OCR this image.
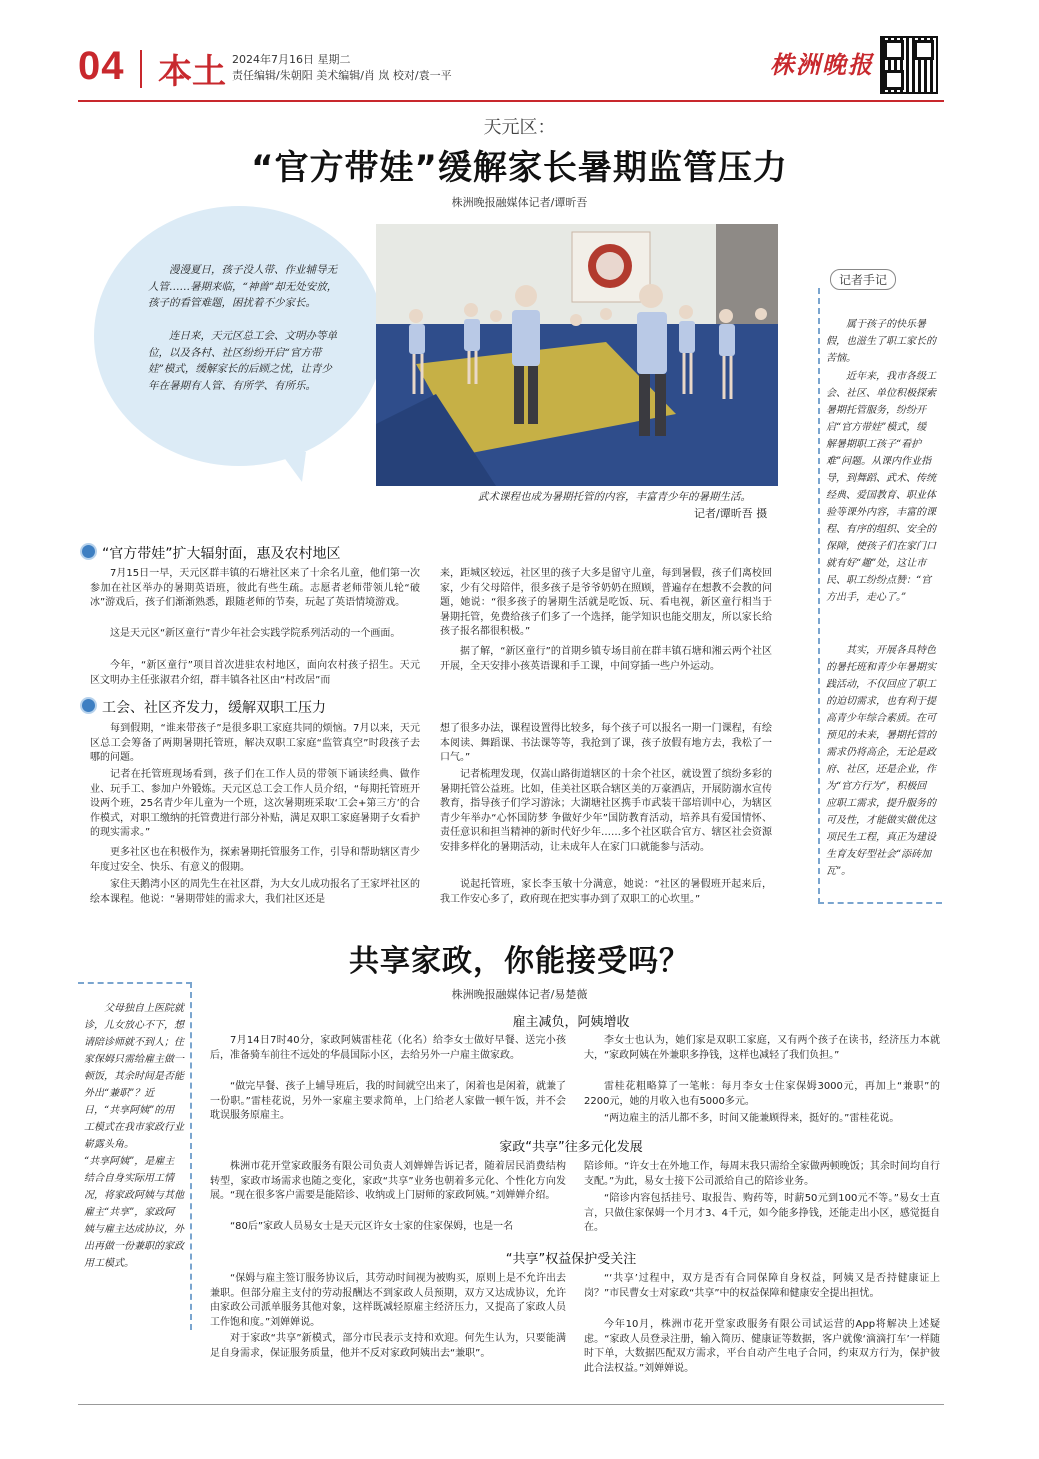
04 本土 2024年7月16日 星期二
责任编辑/朱朝阳 美术编辑/肖 岚 校对/袁一平	株洲晚报
天元区：
“官方带娃”缓解家长暑期监管压力
株洲晚报融媒体记者/谭昕吾
漫漫夏日，孩子没人带、作业辅导无人管……暑期来临，“神兽”却无处安放，孩子的看管难题，困扰着不少家长。
连日来，天元区总工会、文明办等单位，以及各村、社区纷纷开启“官方带娃”模式，缓解家长的后顾之忧，让青少年在暑期有人管、有所学、有所乐。
武术课程也成为暑期托管的内容，丰富青少年的暑期生活。
记者/谭昕吾 摄
记者手记
属于孩子的快乐暑假，也滋生了职工家长的苦恼。
近年来，我市各级工会、社区、单位积极探索暑期托管服务，纷纷开启“官方带娃”模式，缓解暑期职工孩子“看护难”问题。从课内作业指导，到舞蹈、武术、传统经典、爱国教育、职业体验等课外内容，丰富的课程、有序的组织、安全的保障，使孩子们在家门口就有好“趣”处，这让市民、职工纷纷点赞：“官方出手，走心了。”
其实，开展各具特色的暑托班和青少年暑期实践活动，不仅回应了职工的迫切需求，也有利于提高青少年综合素质。在可预见的未来，暑期托管的需求仍将高企，无论是政府、社区，还是企业，作为“官方行为”，积极回应职工需求，提升服务的可及性，才能做实做优这项民生工程，真正为建设生育友好型社会“添砖加瓦”。
“官方带娃”扩大辐射面，惠及农村地区
7月15日一早，天元区群丰镇的石塘社区来了十余名儿童，他们第一次参加在社区举办的暑期英语班，彼此有些生疏。志愿者老师带领儿轮“破冰”游戏后，孩子们渐渐熟悉，跟随老师的节奏，玩起了英语情境游戏。
这是天元区“新区童行”青少年社会实践学院系列活动的一个画面。
今年，“新区童行”项目首次进驻农村地区，面向农村孩子招生。天元区文明办主任张淑君介绍，群丰镇各社区由“村改居”而
来，距城区较远，社区里的孩子大多是留守儿童，每到暑假，孩子们离校回家，少有父母陪伴，很多孩子是爷爷奶奶在照顾，普遍存在想教不会教的问题，她说：“很多孩子的暑期生活就是吃饭、玩、看电视，新区童行相当于暑期托管，免费给孩子们多了一个选择，能学知识也能交朋友，所以家长给孩子报名都很积极。”
据了解，“新区童行”的首期乡镇专场目前在群丰镇石塘和湘云两个社区开展，全天安排小孩英语课和手工课，中间穿插一些户外运动。
工会、社区齐发力，缓解双职工压力
每到假期，“谁来带孩子”是很多职工家庭共同的烦恼。7月以来，天元区总工会筹备了两期暑期托管班，解决双职工家庭“监管真空”时段孩子去哪的问题。
记者在托管班现场看到，孩子们在工作人员的带领下诵读经典、做作业、玩手工、参加户外锻炼。天元区总工会工作人员介绍，“每期托管班开设两个班，25名青少年儿童为一个班，这次暑期班采取‘工会+第三方’的合作模式，对职工缴纳的托管费进行部分补贴，满足双职工家庭暑期子女看护的现实需求。”
更多社区也在积极作为，探索暑期托管服务工作，引导和帮助辖区青少年度过安全、快乐、有意义的假期。
家住天鹅湾小区的周先生在社区群，为大女儿成功报名了王家坪社区的绘本课程。他说：“暑期带娃的需求大，我们社区还是
想了很多办法，课程设置得比较多，每个孩子可以报名一期一门课程，有绘本阅读、舞蹈课、书法课等等，我抢到了课，孩子放假有地方去，我松了一口气。”
记者梳理发现，仅嵩山路街道辖区的十余个社区，就设置了缤纷多彩的暑期托管公益班。比如，佳美社区联合辖区美的万豪酒店，开展防溺水宣传教育，指导孩子们学习游泳；大湖塘社区携手市武装干部培训中心，为辖区青少年举办“心怀国防梦 争做好少年”国防教育活动，培养具有爱国情怀、责任意识和担当精神的新时代好少年……多个社区联合官方、辖区社会资源安排多样化的暑期活动，让未成年人在家门口就能参与活动。
说起托管班，家长李玉敏十分满意，她说：“社区的暑假班开起来后，我工作安心多了，政府现在把实事办到了双职工的心坎里。”
共享家政，你能接受吗？
株洲晚报融媒体记者/易楚薇
父母独自上医院就诊，儿女放心不下，想请陪诊师就不到人；住家保姆只需给雇主做一顿饭，其余时间是否能外出“兼职”？近日，“共享阿姨”的用工模式在我市家政行业崭露头角。
“共享阿姨”，是雇主结合自身实际用工情况，将家政阿姨与其他雇主“共享”，家政阿姨与雇主达成协议，外出再做一份兼职的家政用工模式。
雇主减负，阿姨增收
7月14日7时40分，家政阿姨雷桂花（化名）给李女士做好早餐、送完小孩后，准备骑车前往不远处的华晨国际小区，去给另外一户雇主做家政。
“做完早餐、孩子上辅导班后，我的时间就空出来了，闲着也是闲着，就兼了一份职。”雷桂花说，另外一家雇主要求简单，上门给老人家做一顿午饭，并不会耽误服务原雇主。
李女士也认为，她们家是双职工家庭，又有两个孩子在读书，经济压力本就大，“家政阿姨在外兼职多挣钱，这样也减轻了我们负担。”
雷桂花粗略算了一笔帐：每月李女士住家保姆3000元，再加上“兼职”的2200元，她的月收入也有5000多元。
“两边雇主的活儿都不多，时间又能兼顾得来，挺好的。”雷桂花说。
家政“共享”往多元化发展
株洲市花开堂家政服务有限公司负责人刘婵婵告诉记者，随着居民消费结构转型，家政市场需求也随之变化，家政“共享”业务也朝着多元化、个性化方向发展。“现在很多客户需要是能陪诊、收纳或上门厨师的家政阿姨。”刘婵婵介绍。
“80后”家政人员易女士是天元区许女士家的住家保姆，也是一名
陪诊师。“许女士在外地工作，每周末我只需给全家做两顿晚饭；其余时间均自行支配。”为此，易女士接下公司派给自己的陪诊业务。
“陪诊内容包括挂号、取报告、购药等，时薪50元到100元不等。”易女士直言，只做住家保姆一个月才3、4千元，如今能多挣钱，还能走出小区，感觉挺自在。
“共享”权益保护受关注
“保姆与雇主签订服务协议后，其劳动时间视为被购买，原则上是不允许出去兼职。但部分雇主支付的劳动报酬达不到家政人员预期，双方又达成协议，允许由家政公司派单服务其他对象，这样既减轻原雇主经济压力，又提高了家政人员工作饱和度。”刘婵婵说。
对于家政“共享”新模式，部分市民表示支持和欢迎。何先生认为，只要能满足自身需求，保证服务质量，他并不反对家政阿姨出去“兼职”。
“‘共享’过程中，双方是否有合同保障自身权益，阿姨又是否持健康证上岗？”市民曹女士对家政“共享”中的权益保障和健康安全提出担忧。
今年10月，株洲市花开堂家政服务有限公司试运营的App将解决上述疑虑。“家政人员登录注册，输入简历、健康证等数据，客户就像‘滴滴打车’一样随时下单，大数据匹配双方需求，平台自动产生电子合同，约束双方行为，保护彼此合法权益。”刘婵婵说。
